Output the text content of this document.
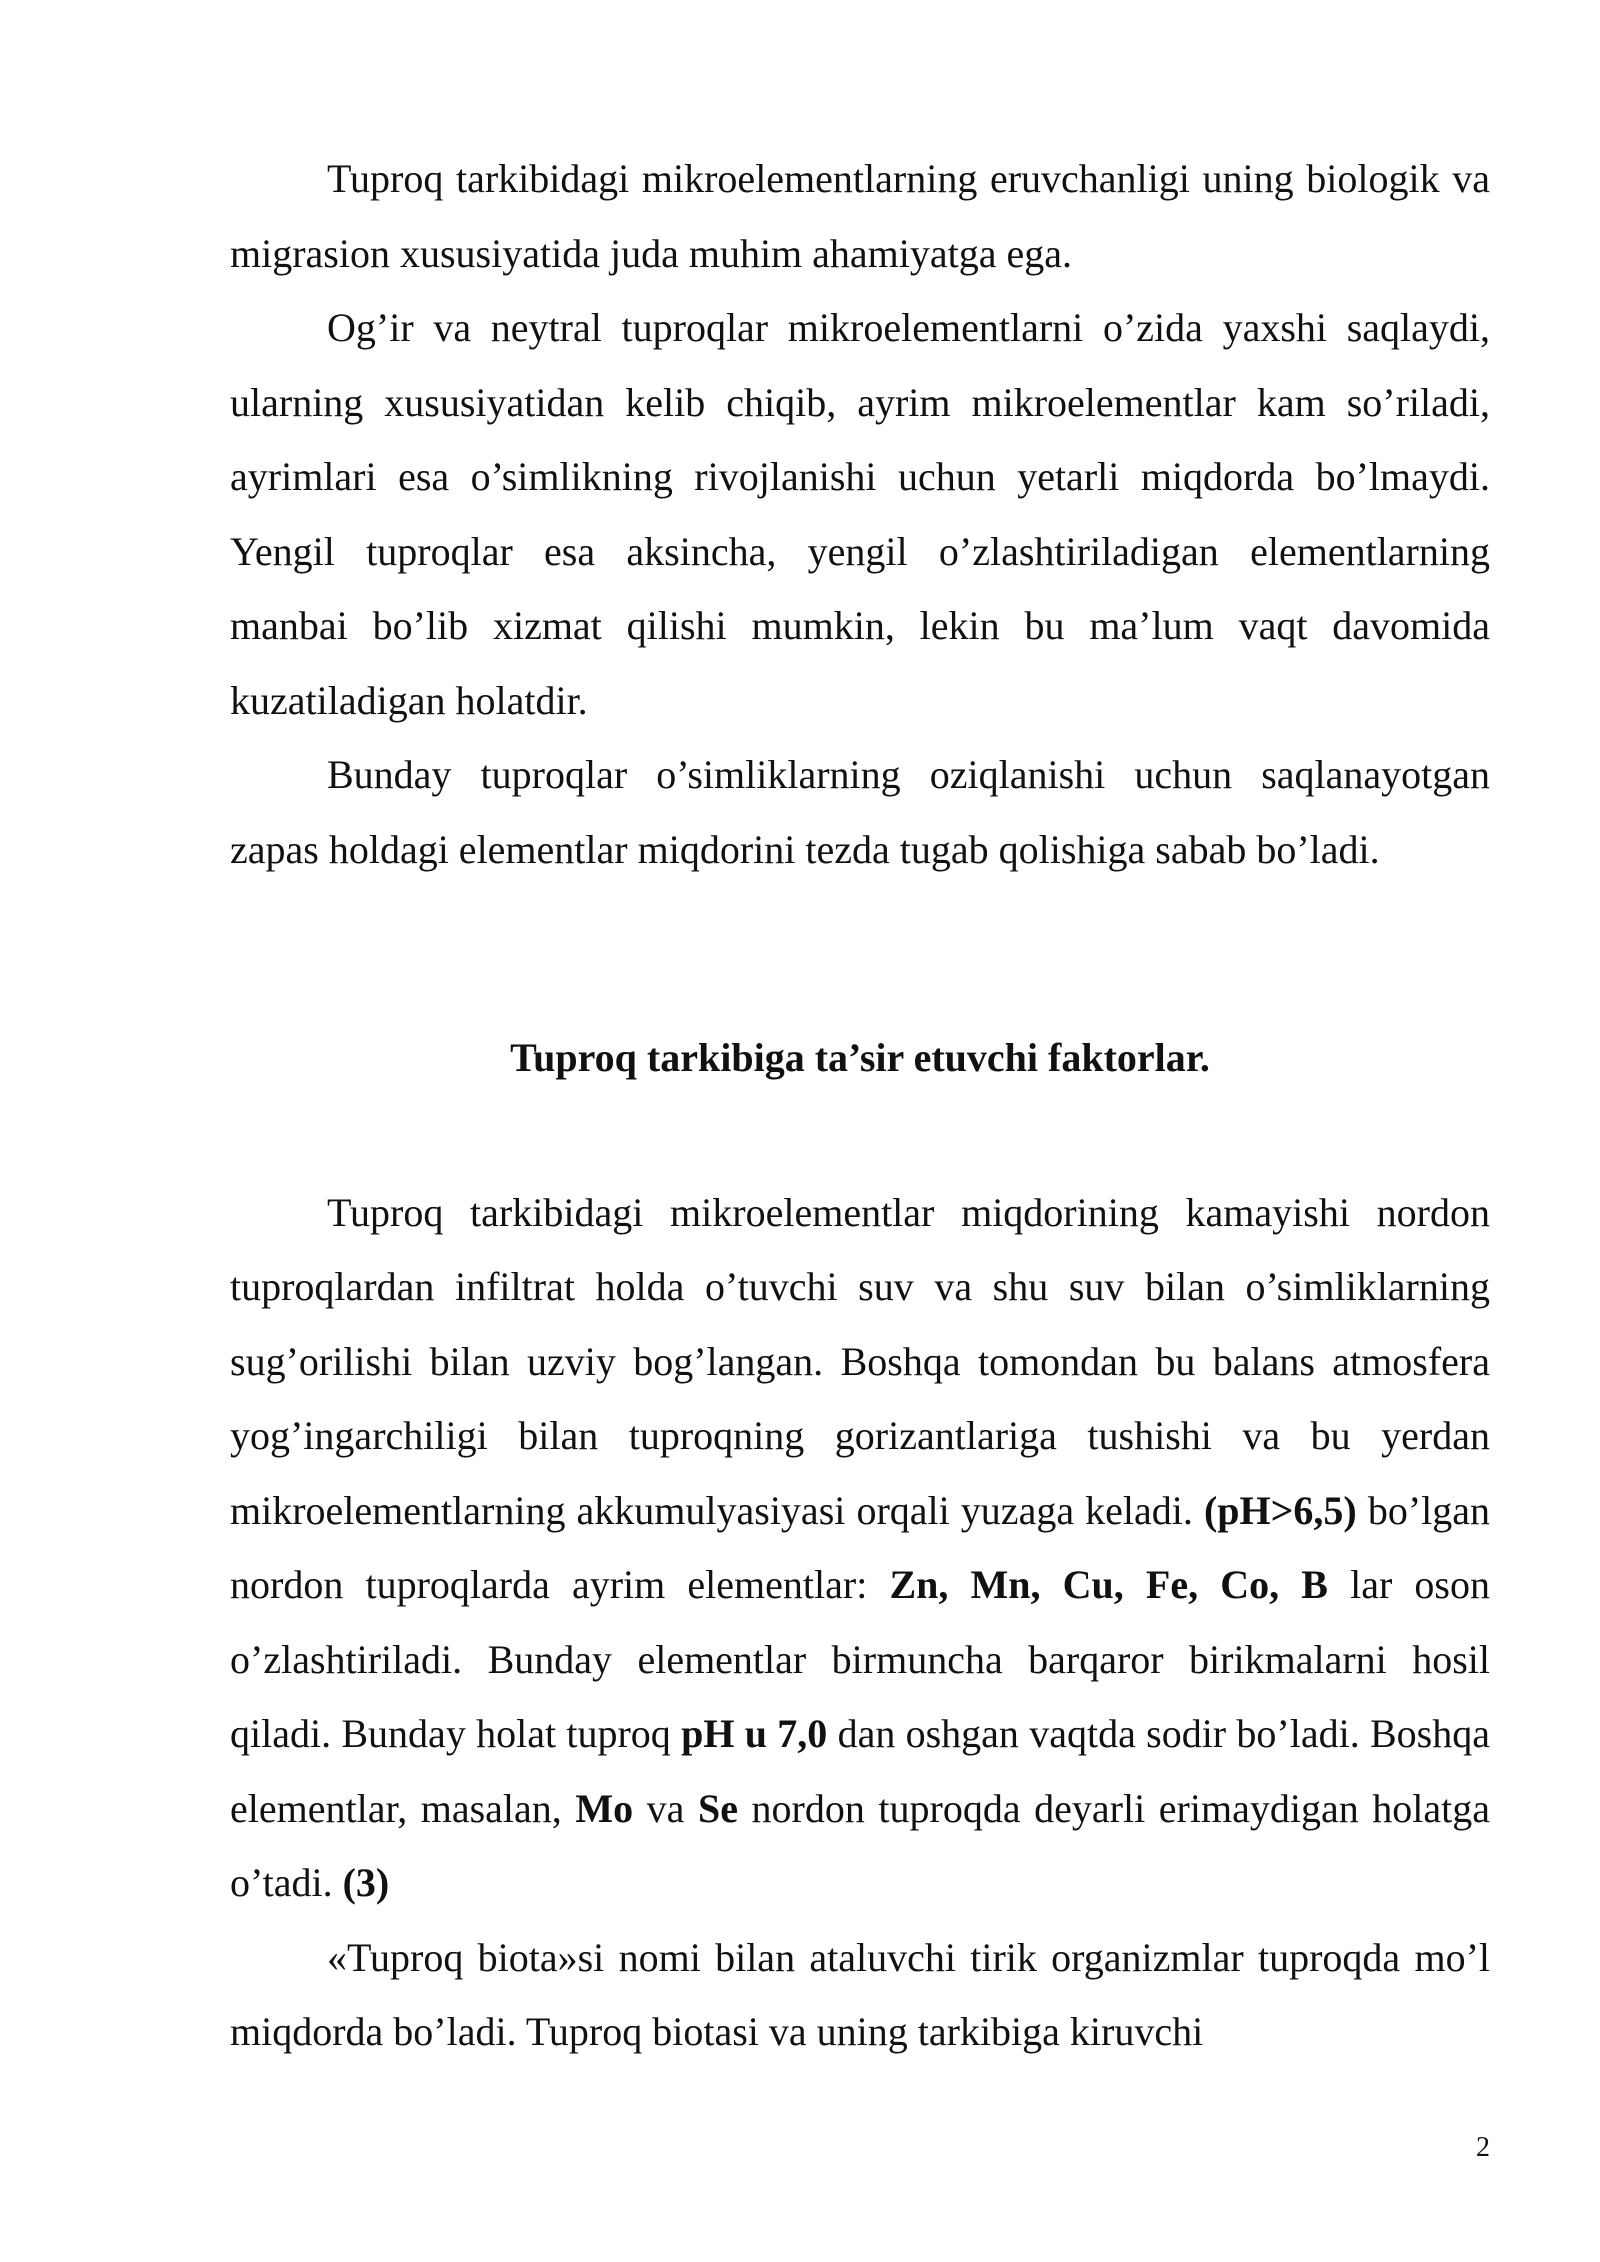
Tuproq tarkibidagi mikroelementlarning eruvchanligi uning biologik va migrasion xususiyatida juda muhim ahamiyatga ega.

Og’ir va neytral tuproqlar mikroelementlarni o’zida yaxshi saqlaydi, ularning xususiyatidan kelib chiqib, ayrim mikroelementlar kam so’riladi, ayrimlari esa o’simlikning rivojlanishi uchun yetarli miqdorda bo’lmaydi. Yengil tuproqlar esa aksincha, yengil o’zlashtiriladigan elementlarning manbai bo’lib xizmat qilishi mumkin, lekin bu ma’lum vaqt davomida kuzatiladigan holatdir.

Bunday tuproqlar o’simliklarning oziqlanishi uchun saqlanayotgan zapas holdagi elementlar miqdorini tezda tugab qolishiga sabab bo’ladi.

Tuproq tarkibiga ta’sir etuvchi faktorlar.

Tuproq tarkibidagi mikroelementlar miqdorining kamayishi nordon tuproqlardan infiltrat holda o’tuvchi suv va shu suv bilan o’simliklarning sug’orilishi bilan uzviy bog’langan. Boshqa tomondan bu balans atmosfera yog’ingarchiligi bilan tuproqning gorizantlariga tushishi va bu yerdan mikroelementlarning akkumulyasiyasi orqali yuzaga keladi. (pH>6,5) bo’lgan nordon tuproqlarda ayrim elementlar: Zn, Mn, Cu, Fe, Co, B lar oson o’zlashtiriladi. Bunday elementlar birmuncha barqaror birikmalarni hosil qiladi. Bunday holat tuproq pH u 7,0 dan oshgan vaqtda sodir bo’ladi. Boshqa elementlar, masalan, Mo va Se nordon tuproqda deyarli erimaydigan holatga o’tadi. (3)

«Tuproq biota»si nomi bilan ataluvchi tirik organizmlar tuproqda mo’l miqdorda bo’ladi. Tuproq biotasi va uning tarkibiga kiruvchi

2
